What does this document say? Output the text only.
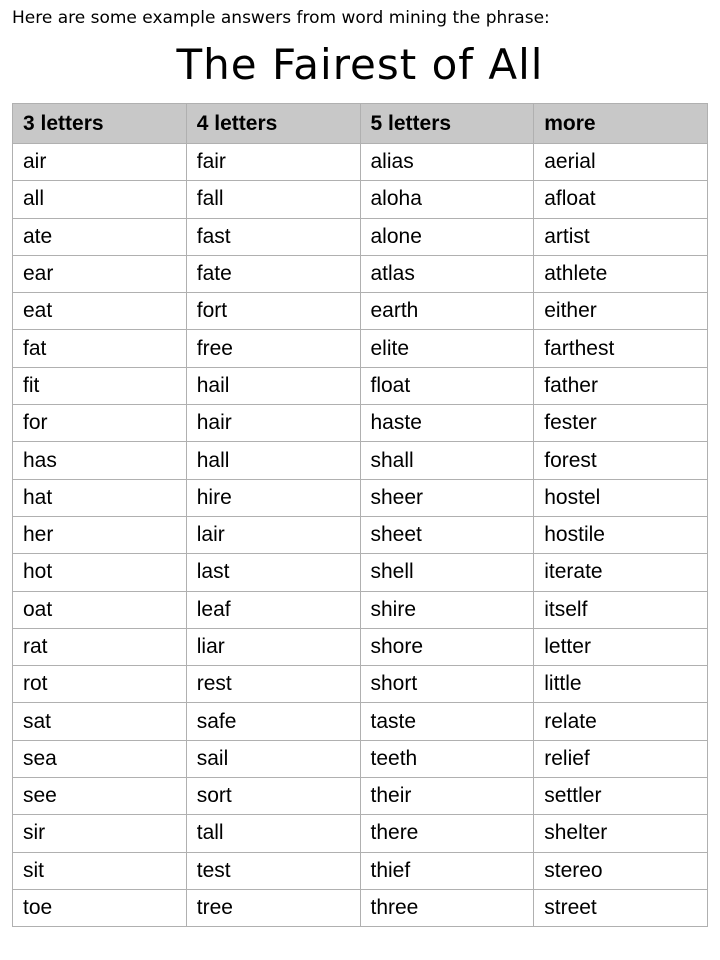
Here are some example answers from word mining the phrase:
The Fairest of All
3 letters	4 letters	5 letters	more
air	fair	alias	aerial
all	fall	aloha	afloat
ate	fast	alone	artist
ear	fate	atlas	athlete
eat	fort	earth	either
fat	free	elite	farthest
fit	hail	float	father
for	hair	haste	fester
has	hall	shall	forest
hat	hire	sheer	hostel
her	lair	sheet	hostile
hot	last	shell	iterate
oat	leaf	shire	itself
rat	liar	shore	letter
rot	rest	short	little
sat	safe	taste	relate
sea	sail	teeth	relief
see	sort	their	settler
sir	tall	there	shelter
sit	test	thief	stereo
toe	tree	three	street
